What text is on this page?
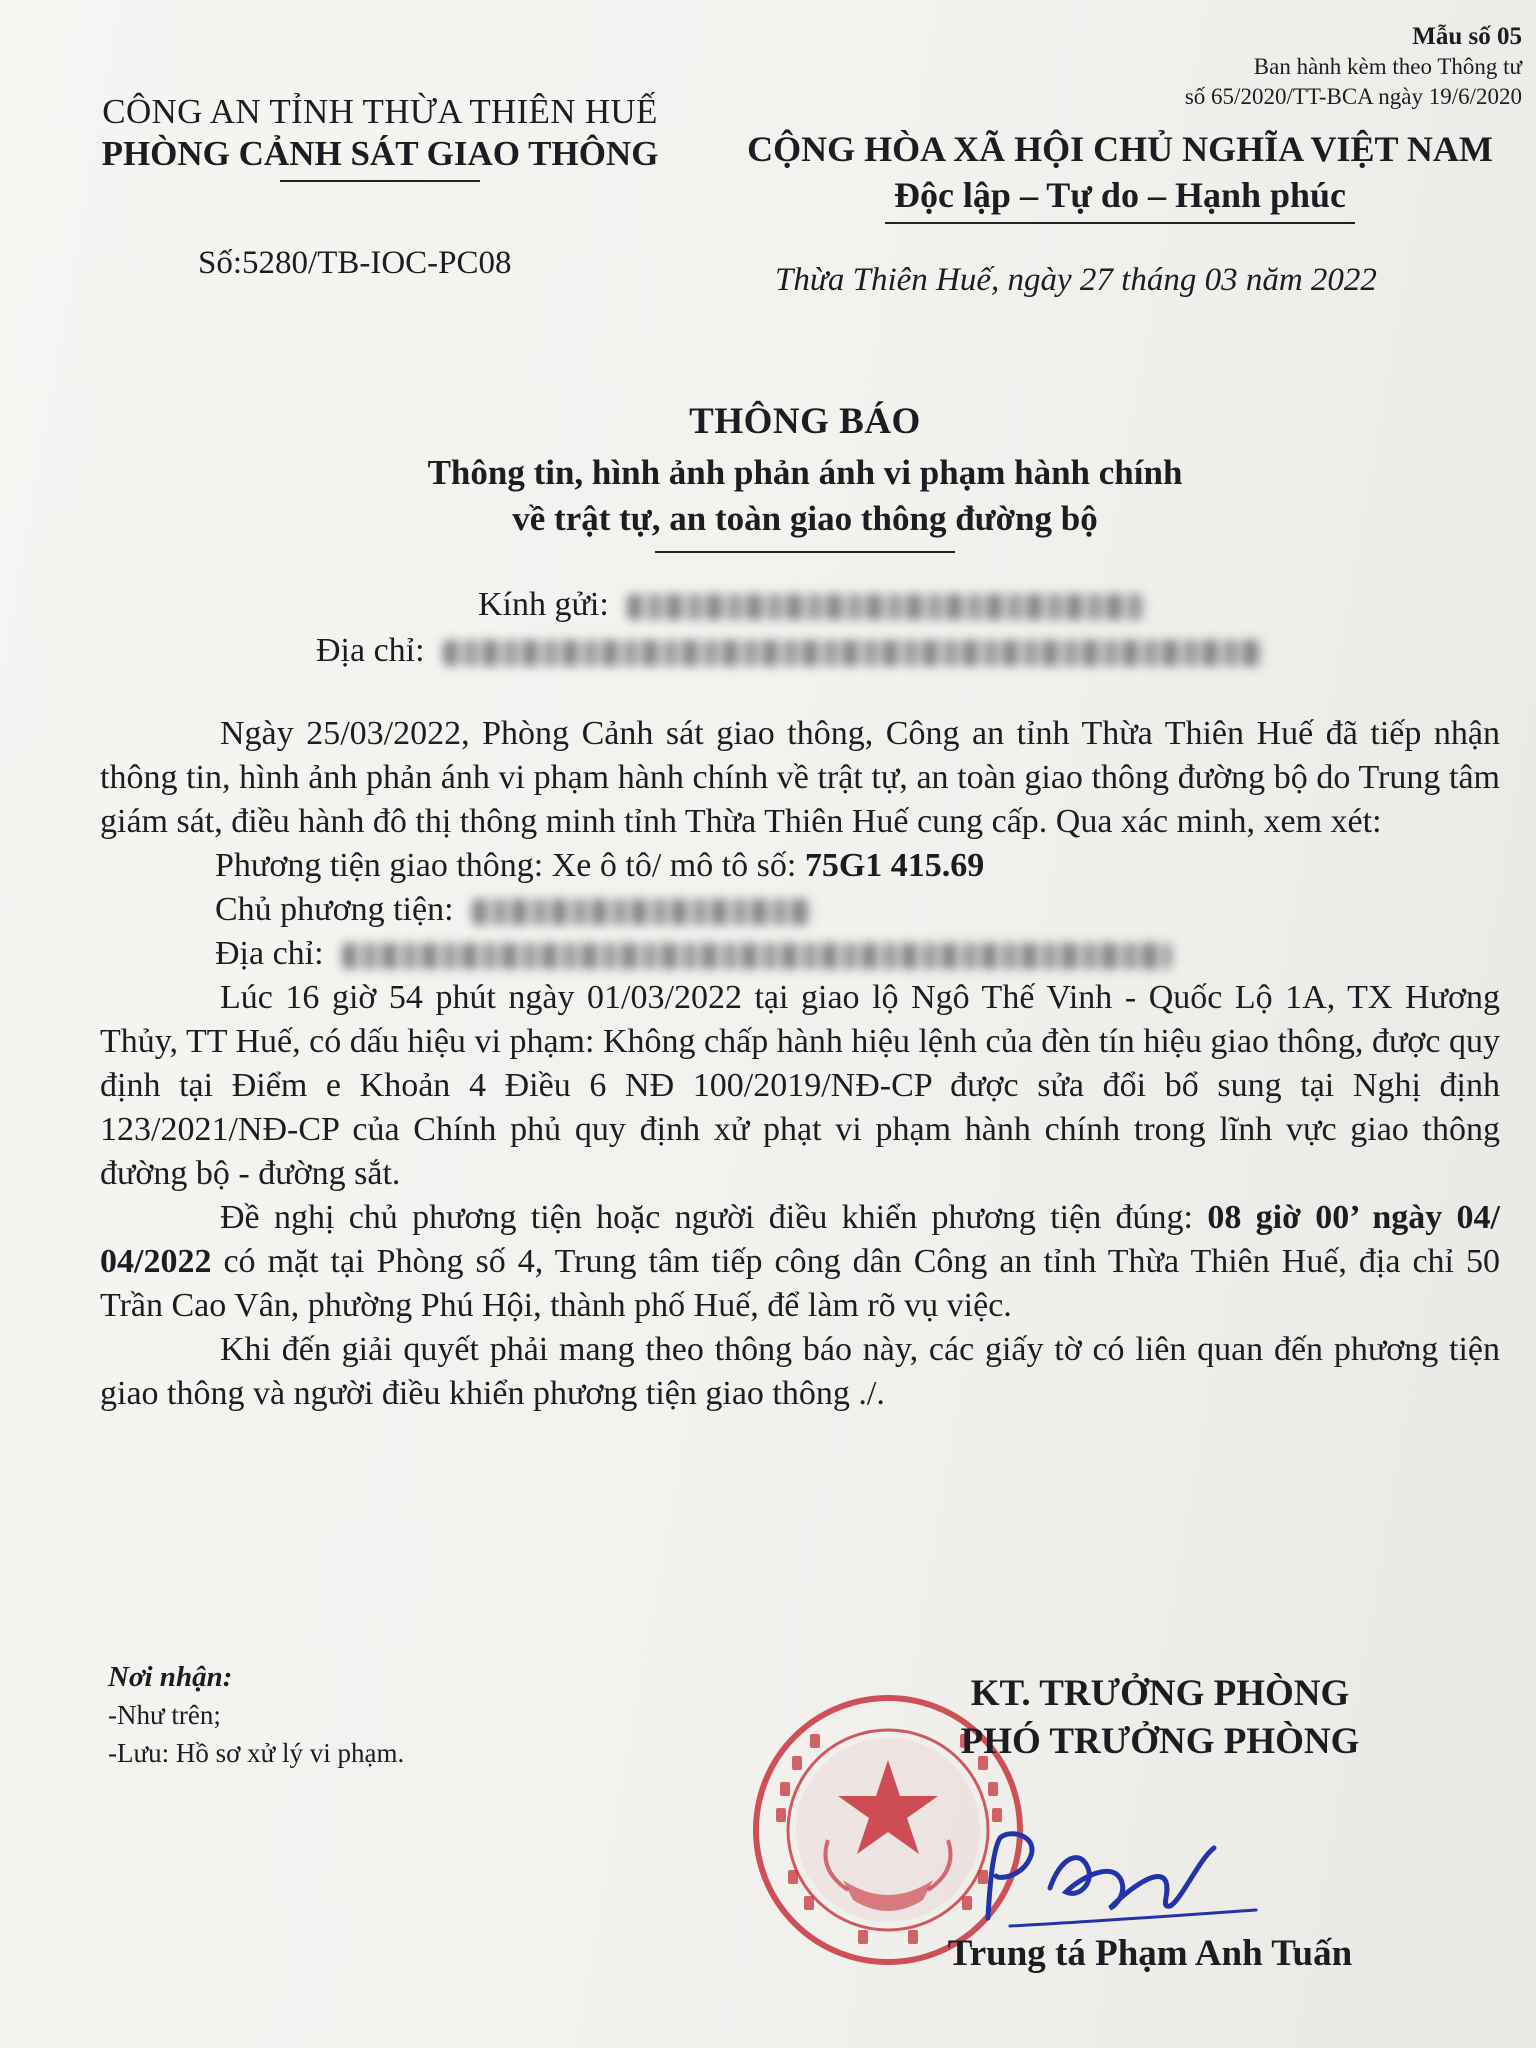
Mẫu số 05
Ban hành kèm theo Thông tư
số 65/2020/TT-BCA ngày 19/6/2020
CÔNG AN TỈNH THỪA THIÊN HUẾ
PHÒNG CẢNH SÁT GIAO THÔNG
Số:5280/TB-IOC-PC08
CỘNG HÒA XÃ HỘI CHỦ NGHĨA VIỆT NAM
Độc lập – Tự do – Hạnh phúc
Thừa Thiên Huế, ngày 27 tháng 03 năm 2022
THÔNG BÁO
Thông tin, hình ảnh phản ánh vi phạm hành chính
về trật tự, an toàn giao thông đường bộ
Kính gửi:
Địa chỉ:
Ngày 25/03/2022, Phòng Cảnh sát giao thông, Công an tỉnh Thừa Thiên Huế đã tiếp nhận thông tin, hình ảnh phản ánh vi phạm hành chính về trật tự, an toàn giao thông đường bộ do Trung tâm giám sát, điều hành đô thị thông minh tỉnh Thừa Thiên Huế cung cấp. Qua xác minh, xem xét:
Phương tiện giao thông: Xe ô tô/ mô tô số: 75G1 415.69
Chủ phương tiện:
Địa chỉ:
Lúc 16 giờ 54 phút ngày 01/03/2022 tại giao lộ Ngô Thế Vinh - Quốc Lộ 1A, TX Hương Thủy, TT Huế, có dấu hiệu vi phạm: Không chấp hành hiệu lệnh của đèn tín hiệu giao thông, được quy định tại Điểm e Khoản 4 Điều 6 NĐ 100/2019/NĐ-CP được sửa đổi bổ sung tại Nghị định 123/2021/NĐ-CP của Chính phủ quy định xử phạt vi phạm hành chính trong lĩnh vực giao thông đường bộ - đường sắt.
Đề nghị chủ phương tiện hoặc người điều khiển phương tiện đúng: 08 giờ 00’ ngày 04/ 04/2022 có mặt tại Phòng số 4, Trung tâm tiếp công dân Công an tỉnh Thừa Thiên Huế, địa chỉ 50 Trần Cao Vân, phường Phú Hội, thành phố Huế, để làm rõ vụ việc.
Khi đến giải quyết phải mang theo thông báo này, các giấy tờ có liên quan đến phương tiện giao thông và người điều khiển phương tiện giao thông ./.
Nơi nhận:
-Như trên;
-Lưu: Hồ sơ xử lý vi phạm.
KT. TRƯỞNG PHÒNG
PHÓ TRƯỞNG PHÒNG
Trung tá Phạm Anh Tuấn
